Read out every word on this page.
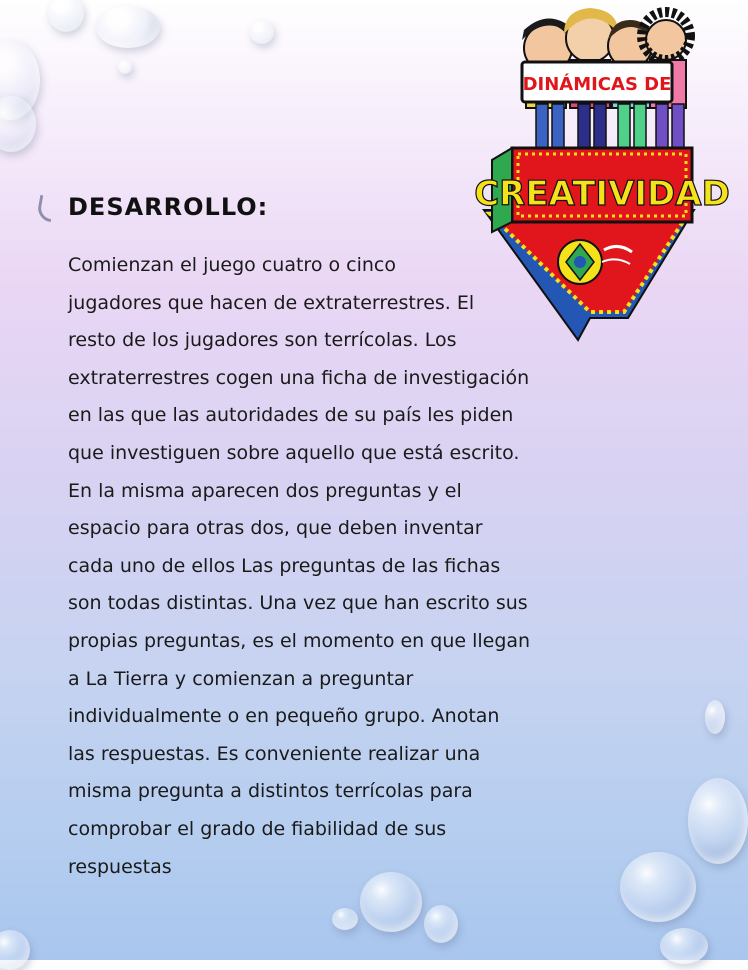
DINÁMICAS DE
CREATIVIDAD
DESARROLLO:
Comienzan el juego cuatro o cinco
jugadores que hacen de extraterrestres. El
resto de los jugadores son terrícolas. Los
extraterrestres cogen una ficha de investigación
en las que las autoridades de su país les piden
que investiguen sobre aquello que está escrito.
En la misma aparecen dos preguntas y el
espacio para otras dos, que deben inventar
cada uno de ellos Las preguntas de las fichas
son todas distintas. Una vez que han escrito sus
propias preguntas, es el momento en que llegan
a La Tierra y comienzan a preguntar
individualmente o en pequeño grupo. Anotan
las respuestas. Es conveniente realizar una
misma pregunta a distintos terrícolas para
comprobar el grado de fiabilidad de sus
respuestas
